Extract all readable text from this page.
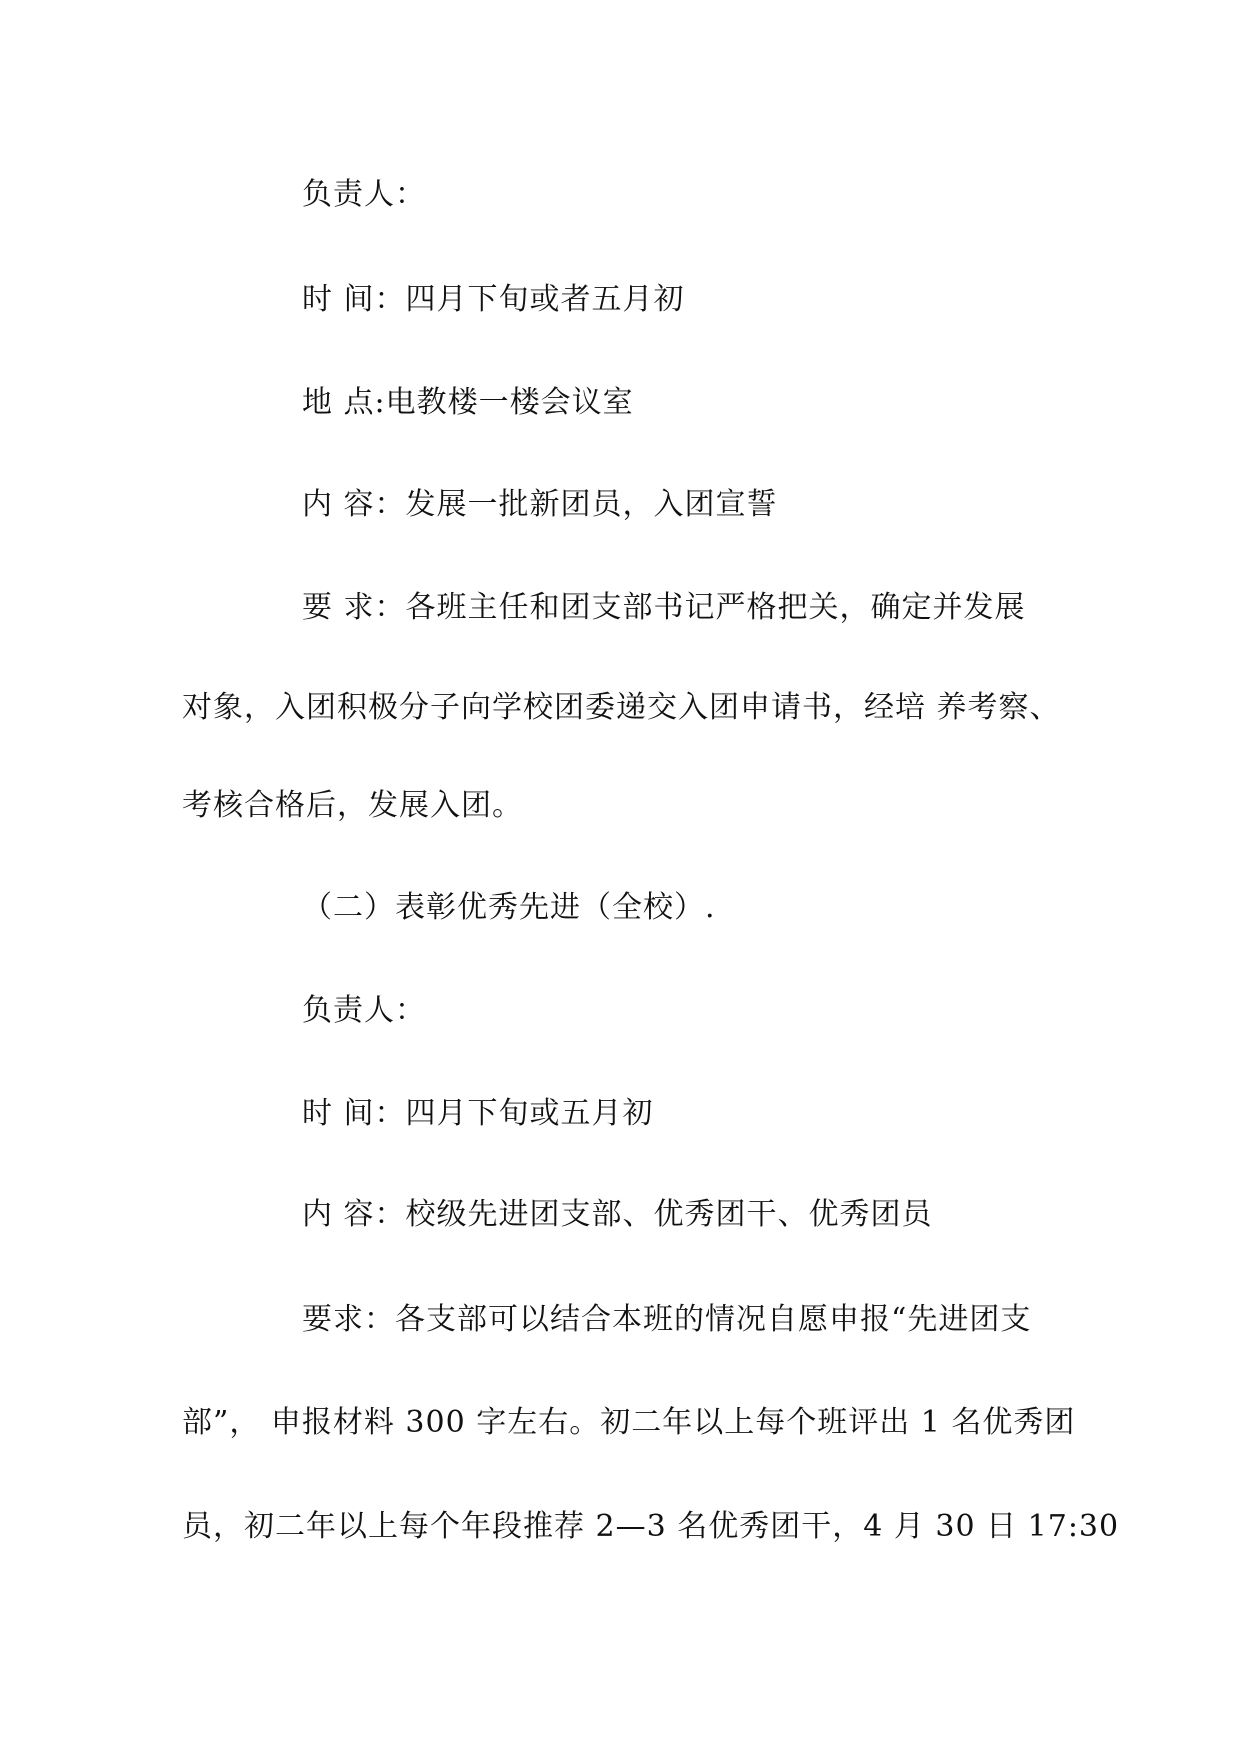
负责人：
时 间：四月下旬或者五月初
地 点:电教楼一楼会议室
内 容：发展一批新团员，入团宣誓
要 求：各班主任和团支部书记严格把关，确定并发展
对象，入团积极分子向学校团委递交入团申请书，经培 养考察、
考核合格后，发展入团。
（二）表彰优秀先进（全校）.
负责人：
时 间：四月下旬或五月初
内 容：校级先进团支部、优秀团干、优秀团员
要求：各支部可以结合本班的情况自愿申报“先进团支
部”， 申报材料 300 字左右。初二年以上每个班评出 1 名优秀团
员，初二年以上每个年段推荐 2—3 名优秀团干，4 月 30 日 17:30
